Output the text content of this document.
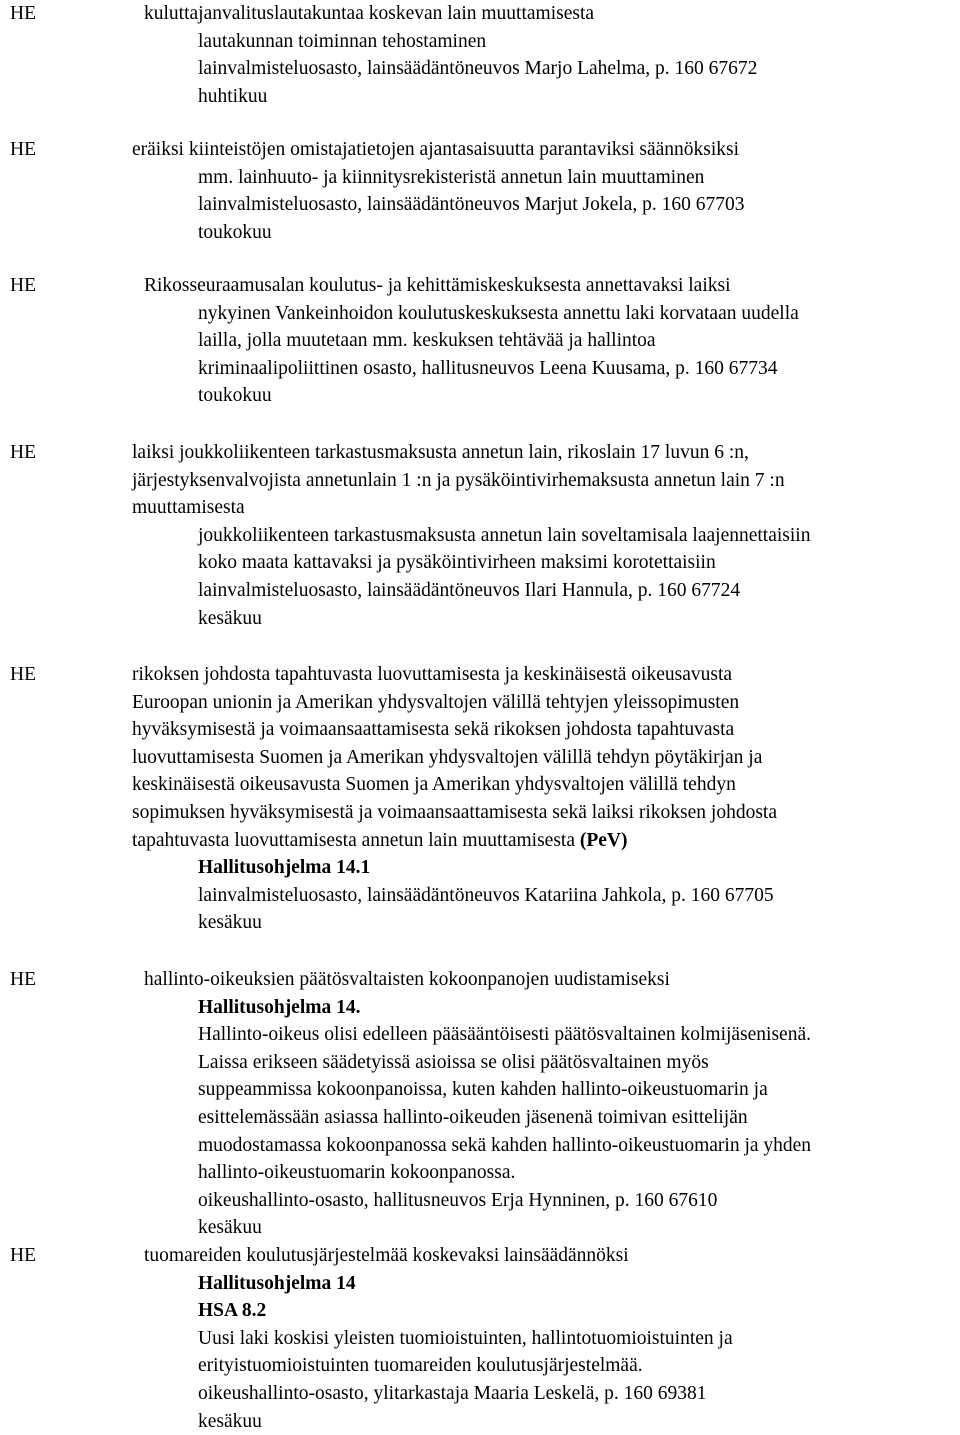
HE	kuluttajanvalituslautakuntaa koskevan lain muuttamisesta
lautakunnan toiminnan tehostaminen
lainvalmisteluosasto, lainsäädäntöneuvos Marjo Lahelma, p. 160 67672
huhtikuu
HE	eräiksi kiinteistöjen omistajatietojen ajantasaisuutta parantaviksi säännöksiksi
mm. lainhuuto- ja kiinnitysrekisteristä annetun lain muuttaminen
lainvalmisteluosasto, lainsäädäntöneuvos Marjut Jokela, p. 160 67703
toukokuu
HE	Rikosseuraamusalan koulutus- ja kehittämiskeskuksesta annettavaksi laiksi
nykyinen Vankeinhoidon koulutuskeskuksesta annettu laki korvataan uudella
lailla, jolla muutetaan mm. keskuksen tehtävää ja hallintoa
kriminaalipoliittinen osasto, hallitusneuvos Leena Kuusama, p. 160 67734
toukokuu
HE	laiksi joukkoliikenteen tarkastusmaksusta annetun lain, rikoslain 17 luvun 6 :n,
järjestyksenvalvojista annetunlain 1 :n ja pysäköintivirhemaksusta annetun lain 7 :n
muuttamisesta
joukkoliikenteen tarkastusmaksusta annetun lain soveltamisala laajennettaisiin
koko maata kattavaksi ja pysäköintivirheen maksimi korotettaisiin
lainvalmisteluosasto, lainsäädäntöneuvos Ilari Hannula, p. 160 67724
kesäkuu
HE	rikoksen johdosta tapahtuvasta luovuttamisesta ja keskinäisestä oikeusavusta
Euroopan unionin ja Amerikan yhdysvaltojen välillä tehtyjen yleissopimusten
hyväksymisestä ja voimaansaattamisesta sekä rikoksen johdosta tapahtuvasta
luovuttamisesta Suomen ja Amerikan yhdysvaltojen välillä tehdyn pöytäkirjan ja
keskinäisestä oikeusavusta Suomen ja Amerikan yhdysvaltojen välillä tehdyn
sopimuksen hyväksymisestä ja voimaansaattamisesta sekä laiksi rikoksen johdosta
tapahtuvasta luovuttamisesta annetun lain muuttamisesta (PeV)
Hallitusohjelma 14.1
lainvalmisteluosasto, lainsäädäntöneuvos Katariina Jahkola, p. 160 67705
kesäkuu
HE	hallinto-oikeuksien päätösvaltaisten kokoonpanojen uudistamiseksi
Hallitusohjelma 14.
Hallinto-oikeus olisi edelleen pääsääntöisesti päätösvaltainen kolmijäsenisenä.
Laissa erikseen säädetyissä asioissa se olisi päätösvaltainen myös
suppeammissa kokoonpanoissa, kuten kahden hallinto-oikeustuomarin ja
esittelemässään asiassa hallinto-oikeuden jäsenenä toimivan esittelijän
muodostamassa kokoonpanossa sekä kahden hallinto-oikeustuomarin ja yhden
hallinto-oikeustuomarin kokoonpanossa.
oikeushallinto-osasto, hallitusneuvos Erja Hynninen, p. 160 67610
kesäkuu
HE	tuomareiden koulutusjärjestelmää koskevaksi lainsäädännöksi
Hallitusohjelma 14
HSA 8.2
Uusi laki koskisi yleisten tuomioistuinten, hallintotuomioistuinten ja
erityistuomioistuinten tuomareiden koulutusjärjestelmää.
oikeushallinto-osasto, ylitarkastaja Maaria Leskelä, p. 160 69381
kesäkuu
